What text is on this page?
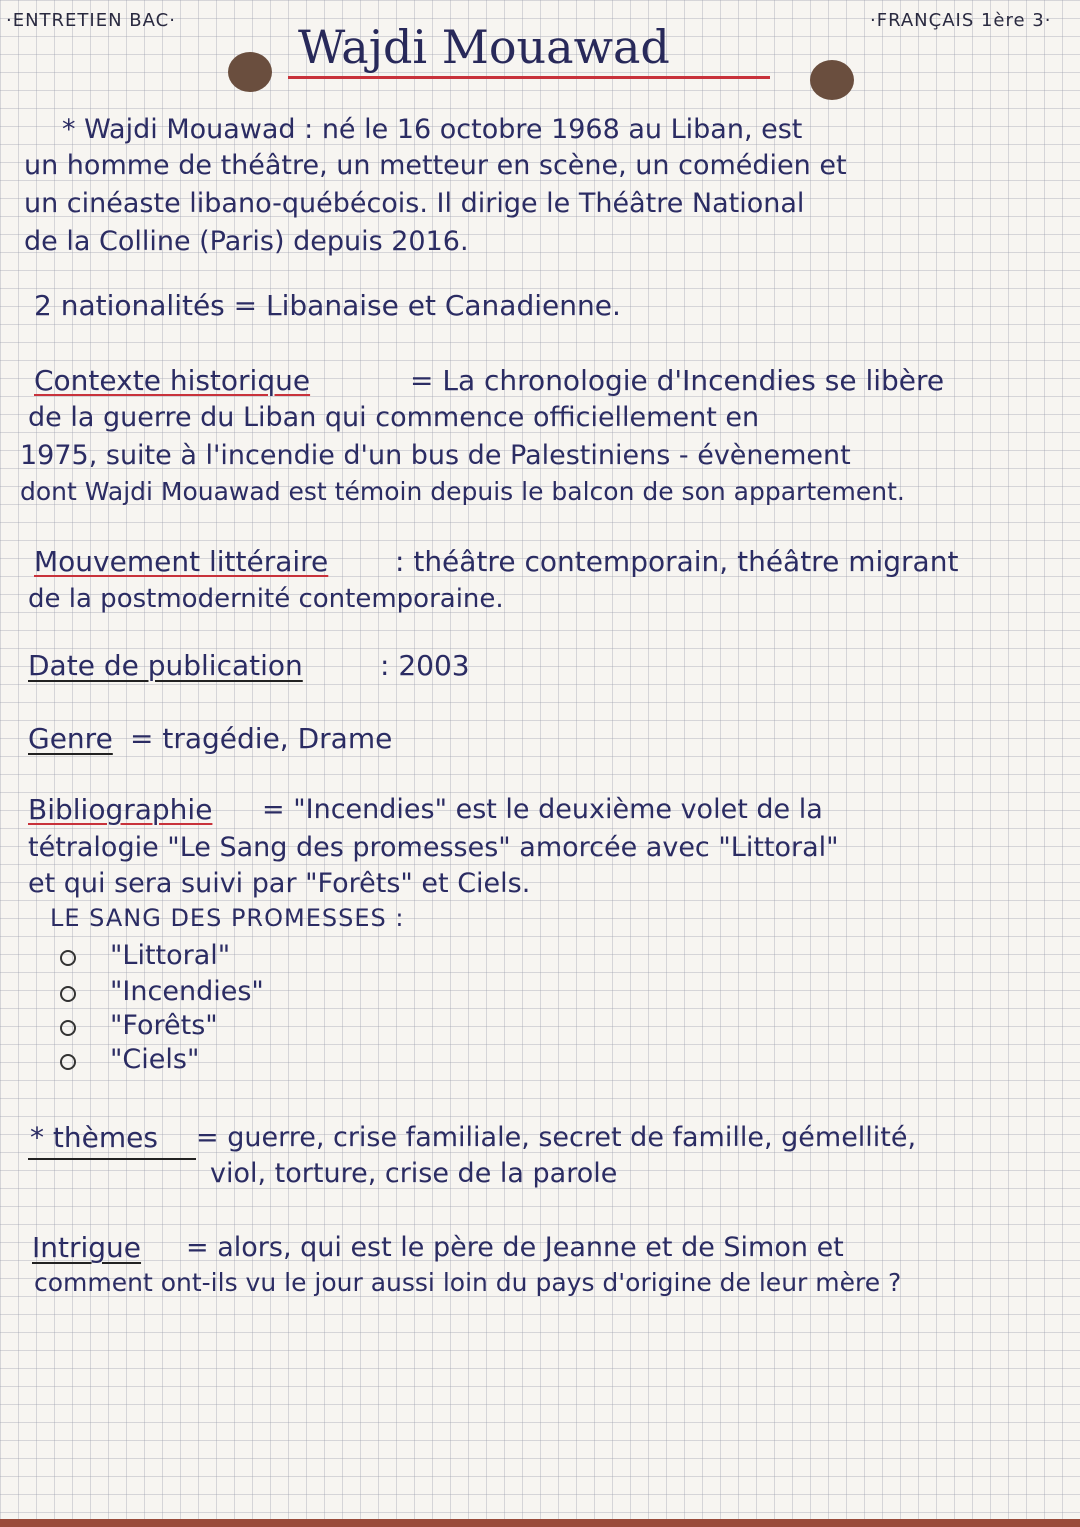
·ENTRETIEN BAC·	·FRANÇAIS 1ère 3·
Wajdi Mouawad
* Wajdi Mouawad : né le 16 octobre 1968 au Liban, est
un homme de théâtre, un metteur en scène, un comédien et
un cinéaste libano-québécois. Il dirige le Théâtre National
de la Colline (Paris) depuis 2016.
2 nationalités = Libanaise et Canadienne.
Contexte historique	= La chronologie d'Incendies se libère
de la guerre du Liban qui commence officiellement en
1975, suite à l'incendie d'un bus de Palestiniens - évènement
dont Wajdi Mouawad est témoin depuis le balcon de son appartement.
Mouvement littéraire : théâtre contemporain, théâtre migrant
de la postmodernité contemporaine.
Date de publication	: 2003
Genre = tragédie, Drame
Bibliographie = "Incendies" est le deuxième volet de la
tétralogie "Le Sang des promesses" amorcée avec "Littoral"
et qui sera suivi par "Forêts" et Ciels.
LE SANG DES PROMESSES :
"Littoral"
"Incendies"
"Forêts"
"Ciels"
* thèmes = guerre, crise familiale, secret de famille, gémellité,
viol, torture, crise de la parole
Intrigue = alors, qui est le père de Jeanne et de Simon et
comment ont-ils vu le jour aussi loin du pays d'origine de leur mère ?
